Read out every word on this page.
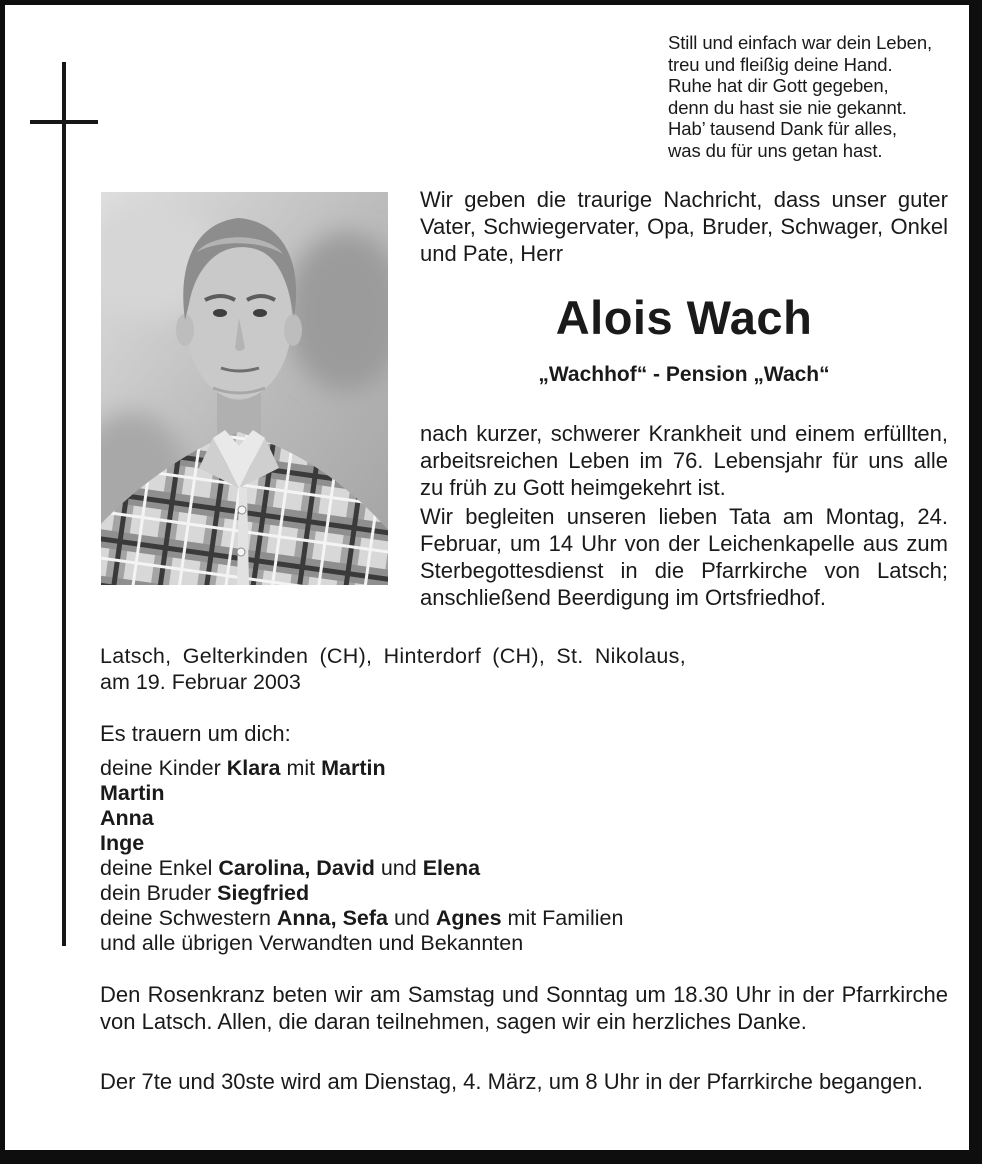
Still und einfach war dein Leben,
treu und fleißig deine Hand.
Ruhe hat dir Gott gegeben,
denn du hast sie nie gekannt.
Hab’ tausend Dank für alles,
was du für uns getan hast.
Wir geben die traurige Nachricht, dass unser guter Vater, Schwiegervater, Opa, Bruder, Schwager, Onkel und Pate, Herr
Alois Wach
„Wachhof“ - Pension „Wach“
nach kurzer, schwerer Krankheit und einem erfüllten, arbeitsreichen Leben im 76. Lebensjahr für uns alle zu früh zu Gott heimgekehrt ist.
Wir begleiten unseren lieben Tata am Montag, 24. Februar, um 14 Uhr von der Leichenkapelle aus zum Sterbegottesdienst in die Pfarrkirche von Latsch; anschließend Beerdigung im Ortsfriedhof.
Latsch, Gelterkinden (CH), Hinterdorf (CH), St. Nikolaus,
am 19. Februar 2003
Es trauern um dich:
deine Kinder Klara mit Martin
Martin
Anna
Inge
deine Enkel Carolina, David und Elena
dein Bruder Siegfried
deine Schwestern Anna, Sefa und Agnes mit Familien
und alle übrigen Verwandten und Bekannten
Den Rosenkranz beten wir am Samstag und Sonntag um 18.30 Uhr in der Pfarrkirche von Latsch. Allen, die daran teilnehmen, sagen wir ein herzliches Danke.
Der 7te und 30ste wird am Dienstag, 4. März, um 8 Uhr in der Pfarrkirche begangen.
